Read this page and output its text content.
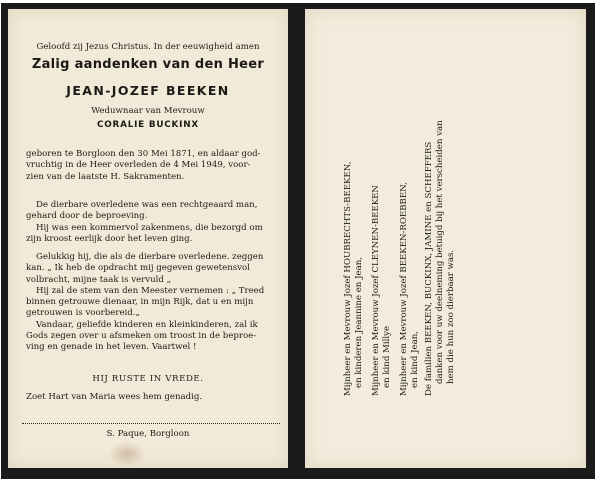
Geloofd zij Jezus Christus. In der eeuwigheid amen

Zalig aandenken van den Heer

JEAN-JOZEF BEEKEN

Weduwnaar van Mevrouw

CORALIE BUCKINX

geboren te Borgloon den 30 Mei 1871, en aldaar god-
vruchtig in de Heer overleden de 4 Mei 1949, voor-
zien van de laatste H. Sakramenten.
De dierbare overledene was een rechtgeaard man,
gehard door de beproeving.
Hij was een kommervol zakenmens, die bezorgd om
zijn kroost eerlijk door het leven ging.
Gelukkig hij, die als de dierbare overledene. zeggen
kan. „ Ik heb de opdracht mij gegeven gewetensvol
volbracht, mijne taak is vervuld „
Hij zal de stem van den Meester vernemen : „ Treed
binnen getrouwe dienaar, in mijn Rijk, dat u en mijn
getrouwen is voorbereid.„
Vandaar, geliefde kinderen en kleinkinderen, zal ik
Gods zegen over u afsmeken om troost in de beproe-
ving en genade in het leven. Vaartwel !

HIJ RUSTE IN VREDE.

Zoet Hart van Maria wees hem genadig.

S. Paque, Borgloon

Mijnheer en Mevrouw Jozef HOUBRECHTS-BEEKEN, en kinderen Jeannine en Jean, Mijnheer en Mevrouw Jozef CLEYNEN-BEEKEN en kind Millye Mijnheer en Mevrouw Jozef BEEKEN-ROEBBEN, en kind Jean, De familien BEEKEN, BUCKINX, JAMINE en SCHEFFERS danken voor uw deelneming betuigd bij het verscheiden van hem die hun zoo dierbaar was.
